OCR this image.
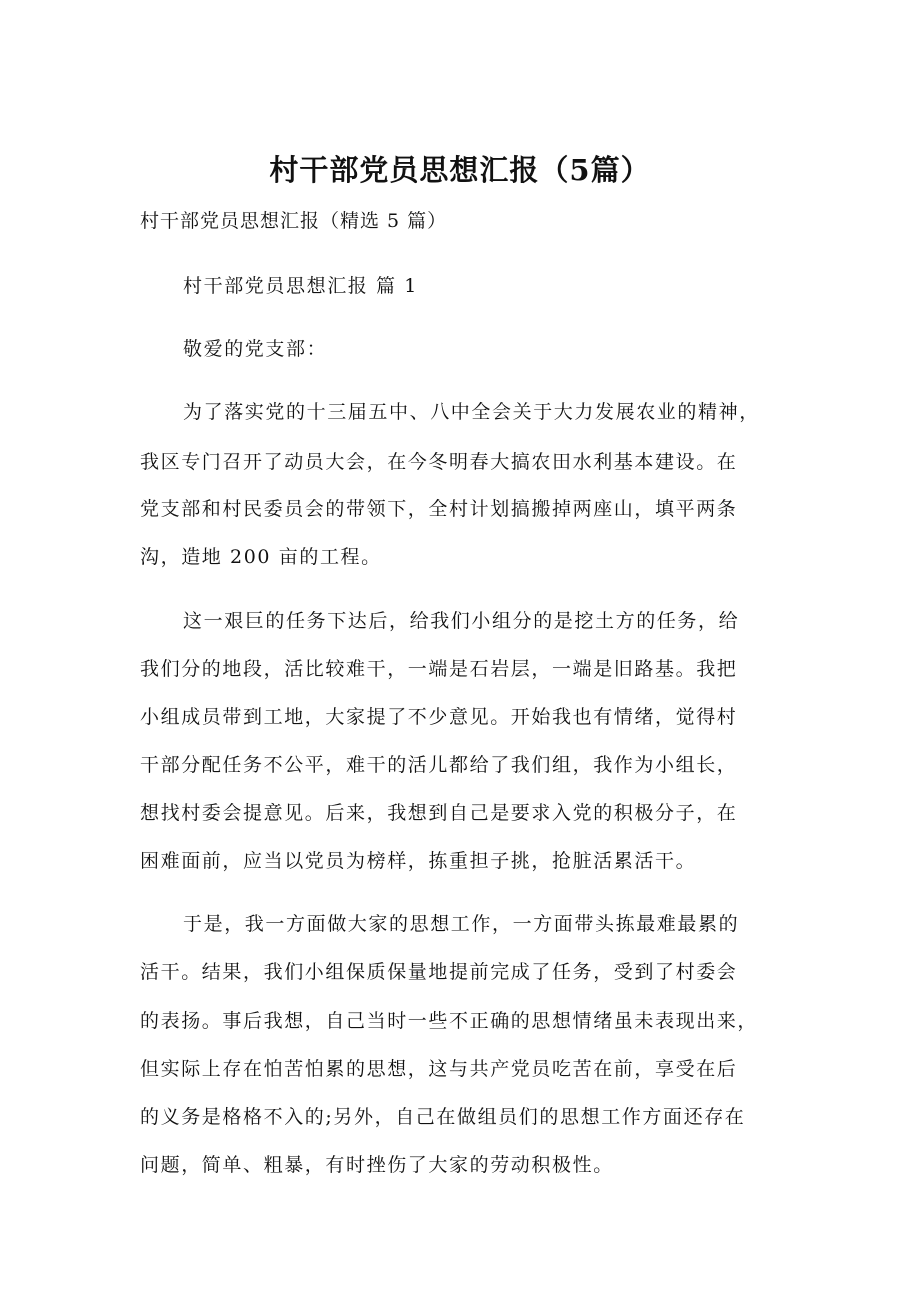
村干部党员思想汇报（5篇）
村干部党员思想汇报（精选 5 篇）
村干部党员思想汇报 篇 1
敬爱的党支部：
为了落实党的十三届五中、八中全会关于大力发展农业的精神，
我区专门召开了动员大会，在今冬明春大搞农田水利基本建设。在
党支部和村民委员会的带领下，全村计划搞搬掉两座山，填平两条
沟，造地 200 亩的工程。
这一艰巨的任务下达后，给我们小组分的是挖土方的任务，给
我们分的地段，活比较难干，一端是石岩层，一端是旧路基。我把
小组成员带到工地，大家提了不少意见。开始我也有情绪，觉得村
干部分配任务不公平，难干的活儿都给了我们组，我作为小组长，
想找村委会提意见。后来，我想到自己是要求入党的积极分子，在
困难面前，应当以党员为榜样，拣重担子挑，抢脏活累活干。
于是，我一方面做大家的思想工作，一方面带头拣最难最累的
活干。结果，我们小组保质保量地提前完成了任务，受到了村委会
的表扬。事后我想，自己当时一些不正确的思想情绪虽未表现出来，
但实际上存在怕苦怕累的思想，这与共产党员吃苦在前，享受在后
的义务是格格不入的;另外，自己在做组员们的思想工作方面还存在
问题，简单、粗暴，有时挫伤了大家的劳动积极性。
